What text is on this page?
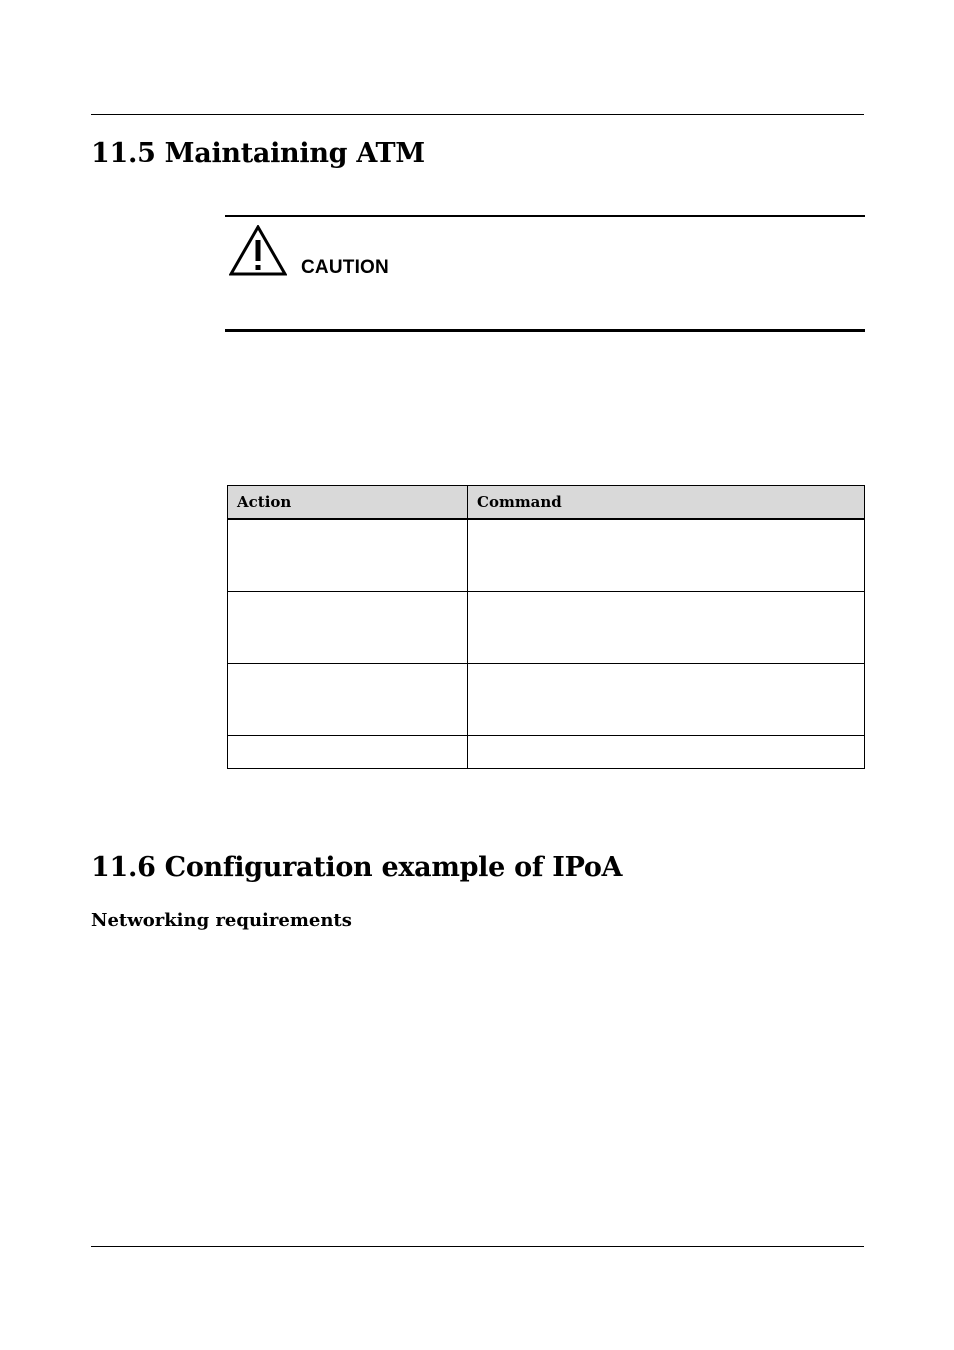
11.5 Maintaining ATM
CAUTION
Action	Command

11.6 Configuration example of IPoA
Networking requirements
